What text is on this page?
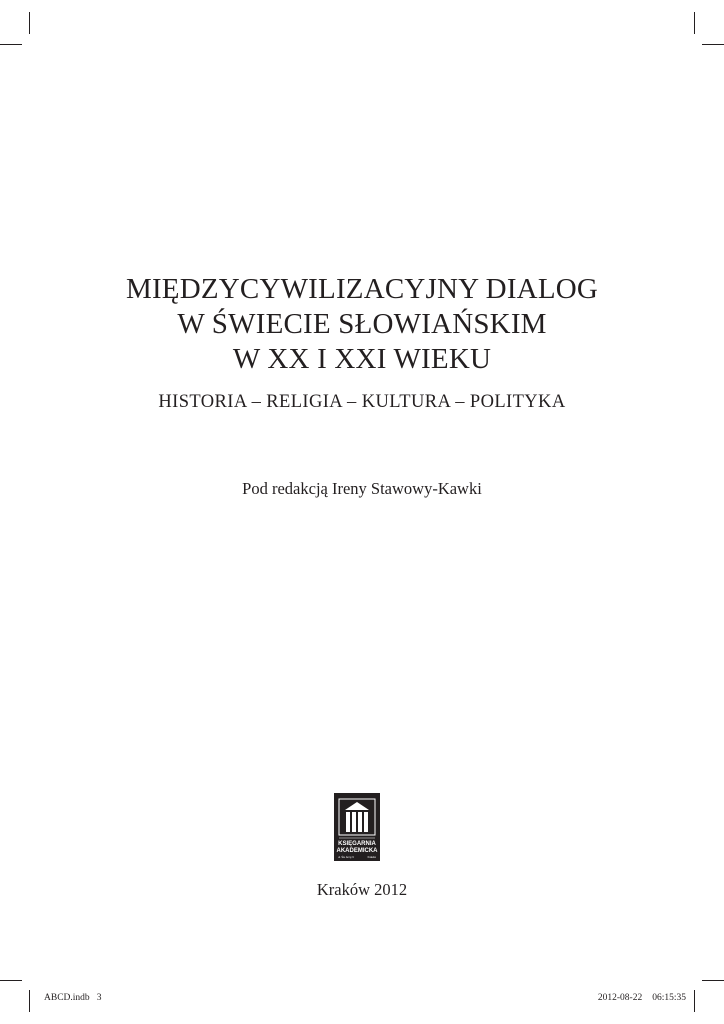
MIĘDZYCYWILIZACYJNY DIALOG
W ŚWIECIE SŁOWIAŃSKIM
W XX I XXI WIEKU
HISTORIA – RELIGIA – KULTURA – POLITYKA
Pod redakcją Ireny Stawowy-Kawki
KSIĘGARNIA
AKADEMICKA
ul. Św. Anny 6	Kraków
Kraków 2012
ABCD.indb   3	2012-08-22 06:15:35
